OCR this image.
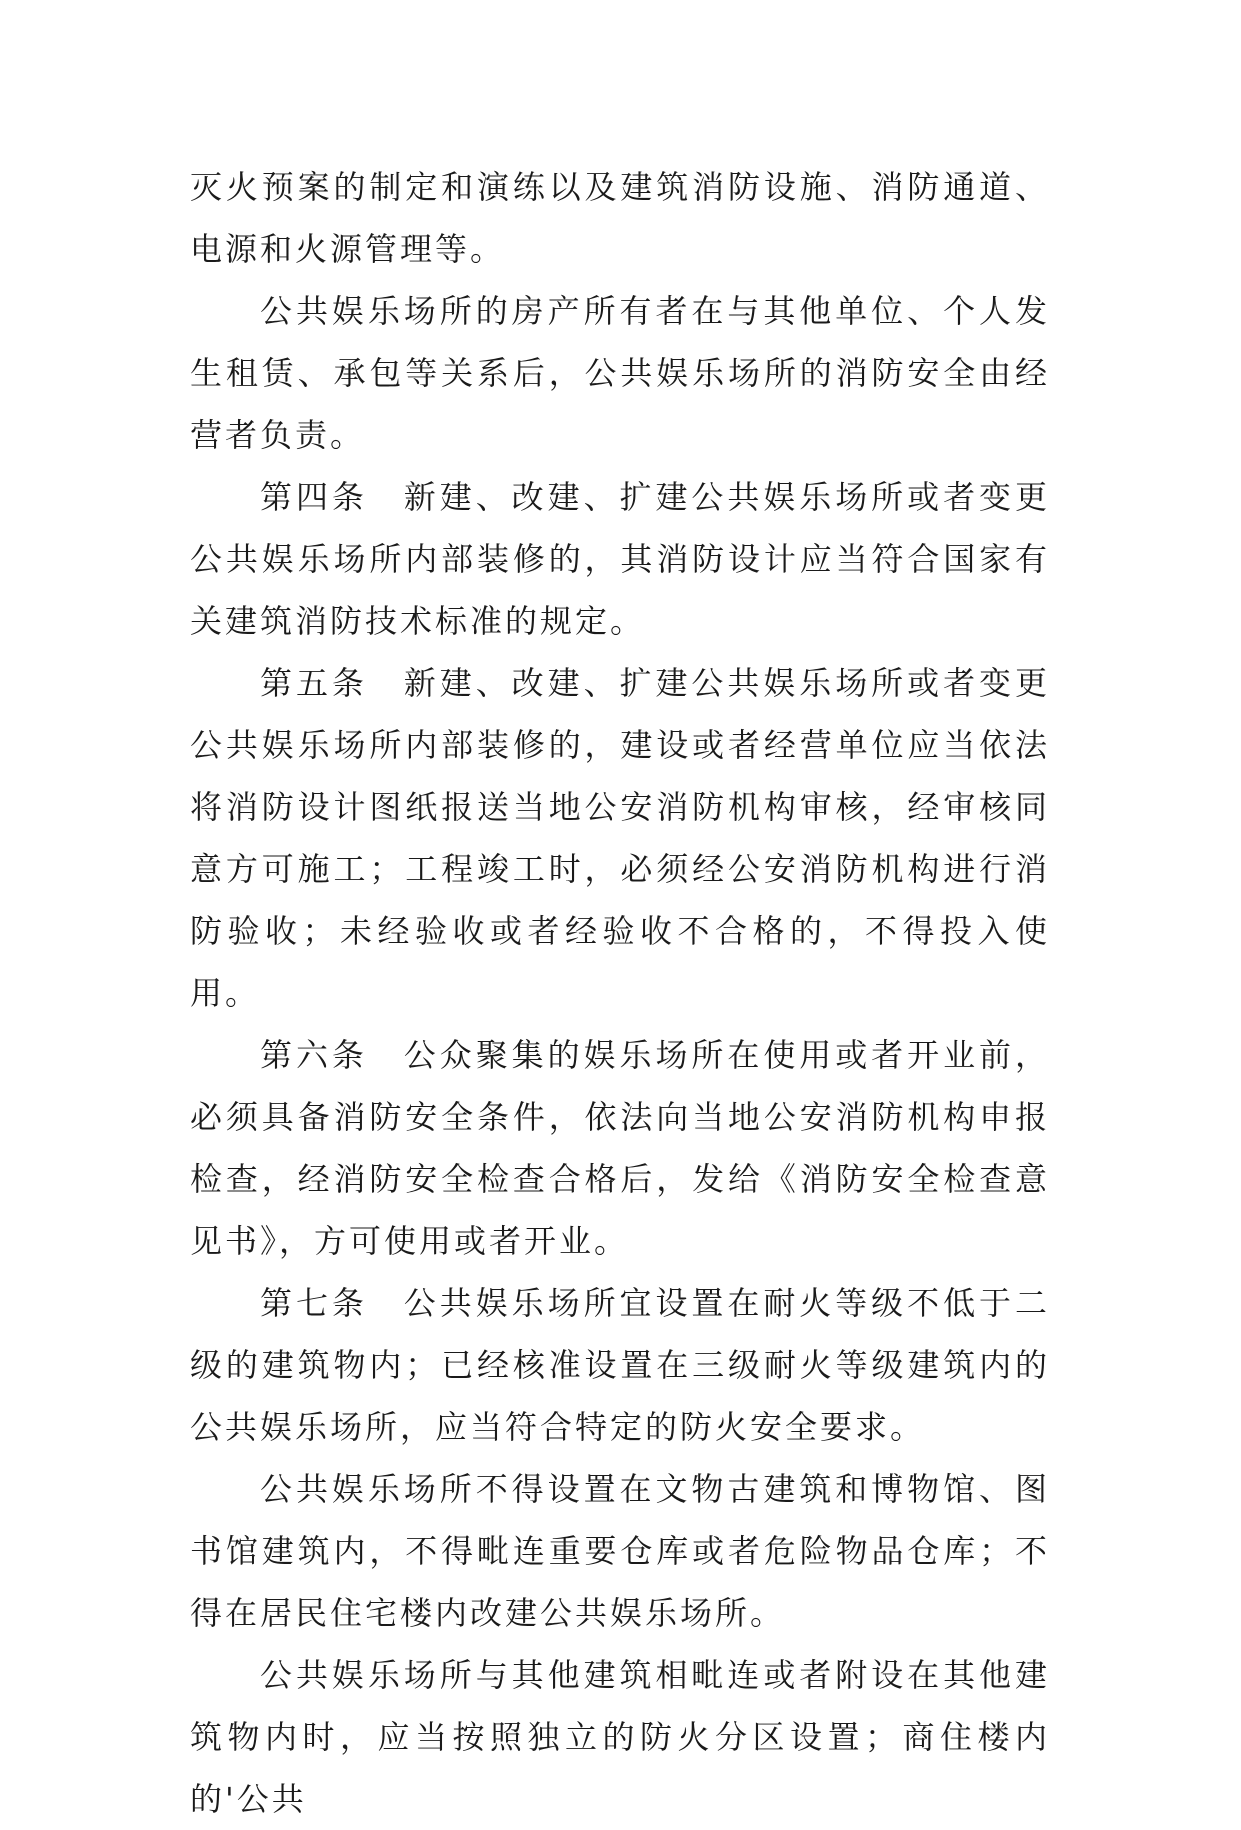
灭火预案的制定和演练以及建筑消防设施、消防通道、电源和火源管理等。

公共娱乐场所的房产所有者在与其他单位、个人发生租赁、承包等关系后，公共娱乐场所的消防安全由经营者负责。

第四条　新建、改建、扩建公共娱乐场所或者变更公共娱乐场所内部装修的，其消防设计应当符合国家有关建筑消防技术标准的规定。

第五条　新建、改建、扩建公共娱乐场所或者变更公共娱乐场所内部装修的，建设或者经营单位应当依法将消防设计图纸报送当地公安消防机构审核，经审核同意方可施工；工程竣工时，必须经公安消防机构进行消防验收；未经验收或者经验收不合格的，不得投入使用。

第六条　公众聚集的娱乐场所在使用或者开业前，必须具备消防安全条件，依法向当地公安消防机构申报检查，经消防安全检查合格后，发给《消防安全检查意见书》，方可使用或者开业。

第七条　公共娱乐场所宜设置在耐火等级不低于二级的建筑物内；已经核准设置在三级耐火等级建筑内的公共娱乐场所，应当符合特定的防火安全要求。

公共娱乐场所不得设置在文物古建筑和博物馆、图书馆建筑内，不得毗连重要仓库或者危险物品仓库；不得在居民住宅楼内改建公共娱乐场所。

公共娱乐场所与其他建筑相毗连或者附设在其他建筑物内时，应当按照独立的防火分区设置；商住楼内的'公共
